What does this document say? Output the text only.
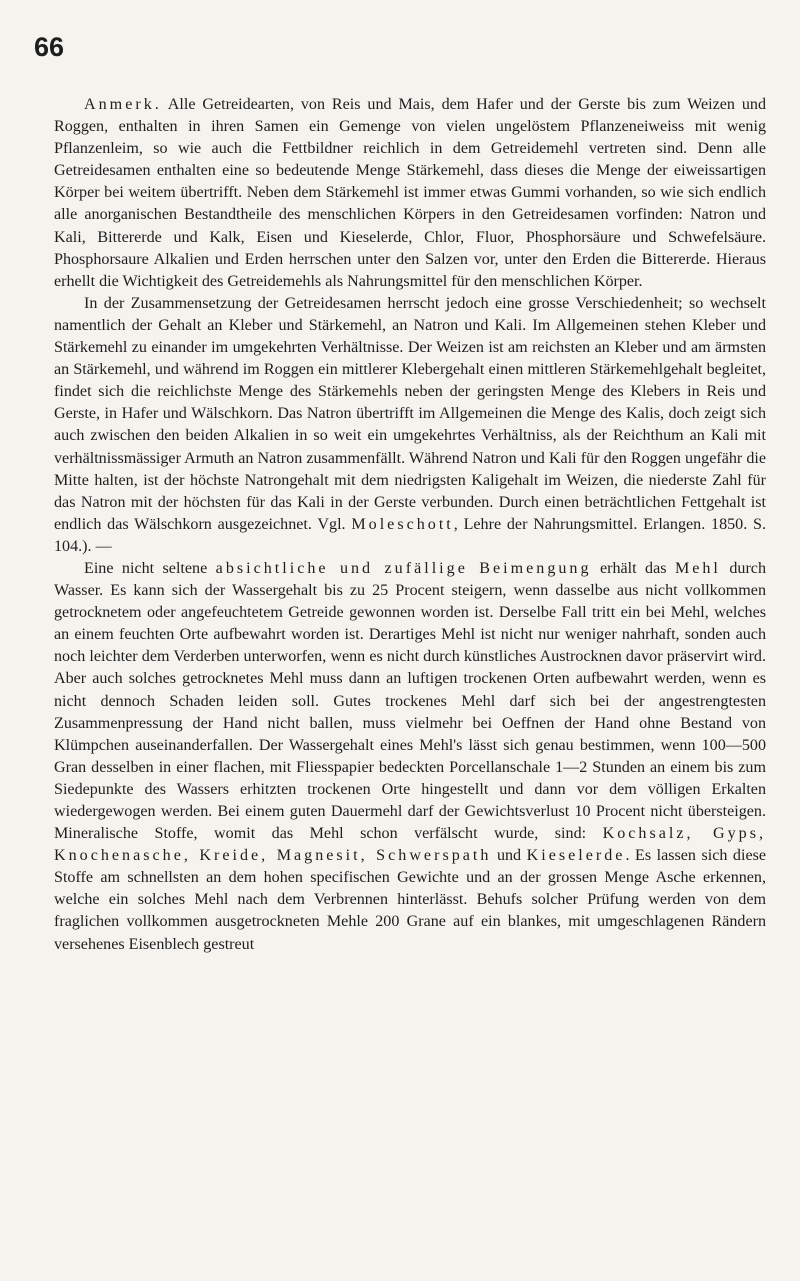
66

Anmerk. Alle Getreidearten, von Reis und Mais, dem Hafer und der Gerste bis zum Weizen und Roggen, enthalten in ihren Samen ein Gemenge von vielen ungelöstem Pflanzeneiweiss mit wenig Pflanzenleim, so wie auch die Fettbildner reichlich in dem Getreidemehl vertreten sind. Denn alle Getreidesamen enthalten eine so bedeutende Menge Stärkemehl, dass dieses die Menge der eiweissartigen Körper bei weitem übertrifft. Neben dem Stärkemehl ist immer etwas Gummi vorhanden, so wie sich endlich alle anorganischen Bestandtheile des menschlichen Körpers in den Getreidesamen vorfinden: Natron und Kali, Bittererde und Kalk, Eisen und Kieselerde, Chlor, Fluor, Phosphorsäure und Schwefelsäure. Phosphorsaure Alkalien und Erden herrschen unter den Salzen vor, unter den Erden die Bittererde. Hieraus erhellt die Wichtigkeit des Getreidemehls als Nahrungsmittel für den menschlichen Körper.

In der Zusammensetzung der Getreidesamen herrscht jedoch eine grosse Verschiedenheit; so wechselt namentlich der Gehalt an Kleber und Stärkemehl, an Natron und Kali. Im Allgemeinen stehen Kleber und Stärkemehl zu einander im umgekehrten Verhältnisse. Der Weizen ist am reichsten an Kleber und am ärmsten an Stärkemehl, und während im Roggen ein mittlerer Klebergehalt einen mittleren Stärkemehlgehalt begleitet, findet sich die reichlichste Menge des Stärkemehls neben der geringsten Menge des Klebers in Reis und Gerste, in Hafer und Wälschkorn. Das Natron übertrifft im Allgemeinen die Menge des Kalis, doch zeigt sich auch zwischen den beiden Alkalien in so weit ein umgekehrtes Verhältniss, als der Reichthum an Kali mit verhältnissmässiger Armuth an Natron zusammenfällt. Während Natron und Kali für den Roggen ungefähr die Mitte halten, ist der höchste Natrongehalt mit dem niedrigsten Kaligehalt im Weizen, die niederste Zahl für das Natron mit der höchsten für das Kali in der Gerste verbunden. Durch einen beträchtlichen Fettgehalt ist endlich das Wälschkorn ausgezeichnet. Vgl. Moleschott, Lehre der Nahrungsmittel. Erlangen. 1850. S. 104.). —

Eine nicht seltene absichtliche und zufällige Beimengung erhält das Mehl durch Wasser. Es kann sich der Wassergehalt bis zu 25 Procent steigern, wenn dasselbe aus nicht vollkommen getrocknetem oder angefeuchtetem Getreide gewonnen worden ist. Derselbe Fall tritt ein bei Mehl, welches an einem feuchten Orte aufbewahrt worden ist. Derartiges Mehl ist nicht nur weniger nahrhaft, sonden auch noch leichter dem Verderben unterworfen, wenn es nicht durch künstliches Austrocknen davor präservirt wird. Aber auch solches getrocknetes Mehl muss dann an luftigen trockenen Orten aufbewahrt werden, wenn es nicht dennoch Schaden leiden soll. Gutes trockenes Mehl darf sich bei der angestrengtesten Zusammenpressung der Hand nicht ballen, muss vielmehr bei Oeffnen der Hand ohne Bestand von Klümpchen auseinanderfallen. Der Wassergehalt eines Mehl's lässt sich genau bestimmen, wenn 100—500 Gran desselben in einer flachen, mit Fliesspapier bedeckten Porcellanschale 1—2 Stunden an einem bis zum Siedepunkte des Wassers erhitzten trockenen Orte hingestellt und dann vor dem völligen Erkalten wiedergewogen werden. Bei einem guten Dauermehl darf der Gewichtsverlust 10 Procent nicht übersteigen. Mineralische Stoffe, womit das Mehl schon verfälscht wurde, sind: Kochsalz, Gyps, Knochenasche, Kreide, Magnesit, Schwerspath und Kieselerde. Es lassen sich diese Stoffe am schnellsten an dem hohen specifischen Gewichte und an der grossen Menge Asche erkennen, welche ein solches Mehl nach dem Verbrennen hinterlässt. Behufs solcher Prüfung werden von dem fraglichen vollkommen ausgetrockneten Mehle 200 Grane auf ein blankes, mit umgeschlagenen Rändern versehenes Eisenblech gestreut
